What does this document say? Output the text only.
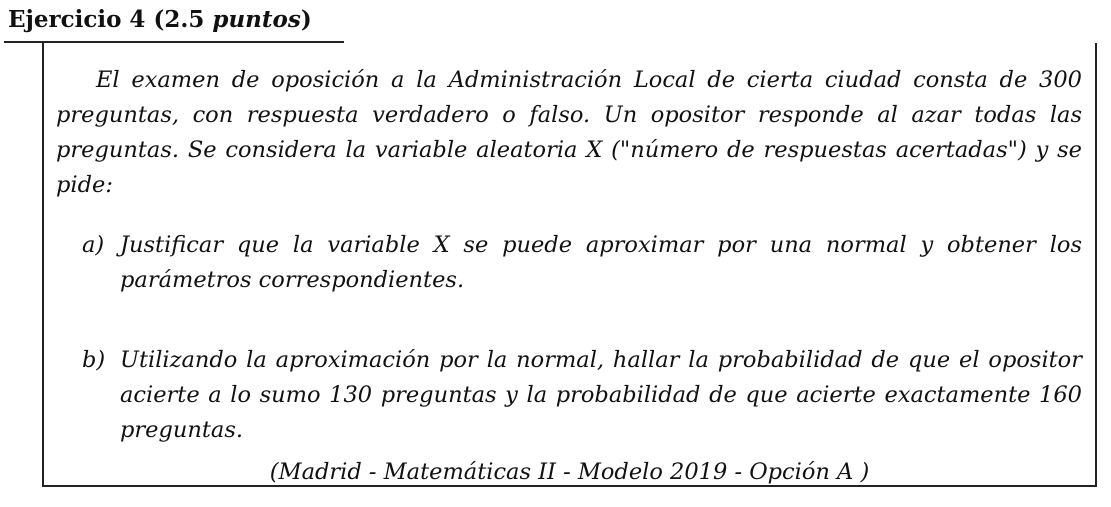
Ejercicio 4 (2.5 puntos)

El examen de oposición a la Administración Local de cierta ciudad consta de 300 preguntas, con respuesta verdadero o falso. Un opositor responde al azar todas las preguntas. Se considera la variable aleatoria X ("número de respuestas acertadas") y se pide:

a) Justificar que la variable X se puede aproximar por una normal y obtener los parámetros correspondientes.

b) Utilizando la aproximación por la normal, hallar la probabilidad de que el opositor acierte a lo sumo 130 preguntas y la probabilidad de que acierte exactamente 160 preguntas.

(Madrid - Matemáticas II - Modelo 2019 - Opción A )
